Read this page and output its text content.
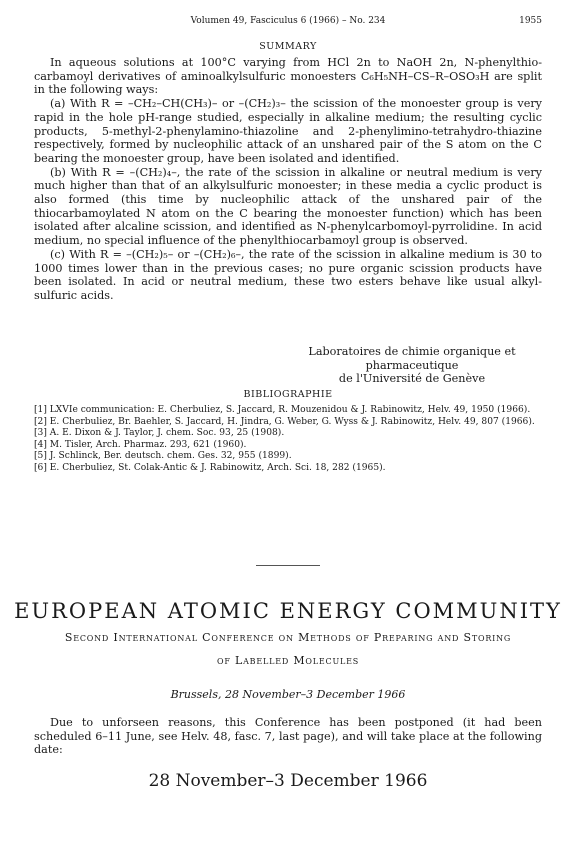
Volumen 49, Fasciculus 6 (1966) – No. 234	1955
SUMMARY

In aqueous solutions at 100°C varying from HCl 2n to NaOH 2n, N-phenylthio-carbamoyl derivatives of aminoalkylsulfuric monoesters C₆H₅NH–CS–R–OSO₃H are split in the following ways:

(a) With R = –CH₂–CH(CH₃)– or –(CH₂)₃– the scission of the monoester group is very rapid in the hole pH-range studied, especially in alkaline medium; the resulting cyclic products, 5-methyl-2-phenylamino-thiazoline and 2-phenylimino-tetrahydro-thiazine respectively, formed by nucleophilic attack of an unshared pair of the S atom on the C bearing the monoester group, have been isolated and identified.

(b) With R = –(CH₂)₄–, the rate of the scission in alkaline or neutral medium is very much higher than that of an alkylsulfuric monoester; in these media a cyclic product is also formed (this time by nucleophilic attack of the unshared pair of the thiocarbamoylated N atom on the C bearing the monoester function) which has been isolated after alcaline scission, and identified as N-phenylcarbomoyl-pyrrolidine. In acid medium, no special influence of the phenylthiocarbamoyl group is observed.

(c) With R = –(CH₂)₅– or –(CH₂)₆–, the rate of the scission in alkaline medium is 30 to 1000 times lower than in the previous cases; no pure organic scission products have been isolated. In acid or neutral medium, these two esters behave like usual alkyl-sulfuric acids.

Laboratoires de chimie organique et pharmaceutique
de l'Université de Genève
BIBLIOGRAPHIE
[1] LXVIe communication: E. Cherbuliez, S. Jaccard, R. Mouzenidou & J. Rabinowitz, Helv. 49, 1950 (1966).
[2] E. Cherbuliez, Br. Baehler, S. Jaccard, H. Jindra, G. Weber, G. Wyss & J. Rabinowitz, Helv. 49, 807 (1966).
[3] A. E. Dixon & J. Taylor, J. chem. Soc. 93, 25 (1908).
[4] M. Tisler, Arch. Pharmaz. 293, 621 (1960).
[5] J. Schlinck, Ber. deutsch. chem. Ges. 32, 955 (1899).
[6] E. Cherbuliez, St. Colak-Antic & J. Rabinowitz, Arch. Sci. 18, 282 (1965).
EUROPEAN ATOMIC ENERGY COMMUNITY
Second International Conference on Methods of Preparing and Storing
of Labelled Molecules
Brussels, 28 November–3 December 1966

Due to unforseen reasons, this Conference has been postponed (it had been scheduled 6–11 June, see Helv. 48, fasc. 7, last page), and will take place at the following date:

28 November–3 December 1966
